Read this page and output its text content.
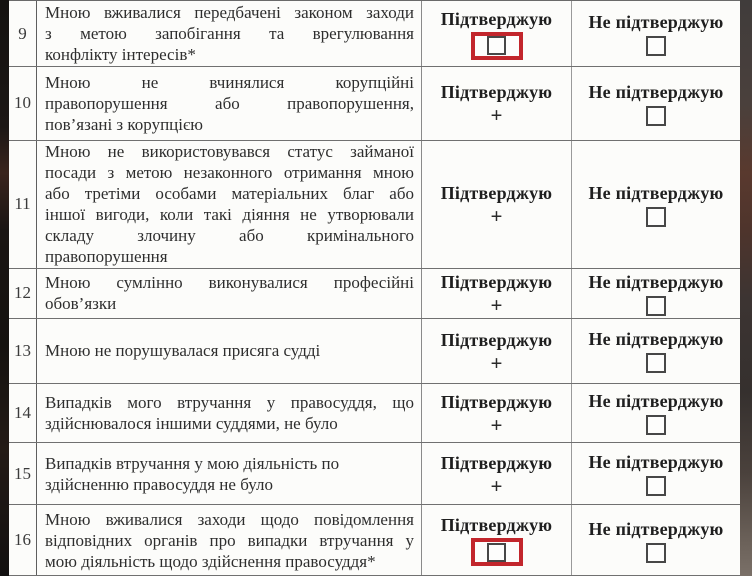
9
Мною вживалися передбачені законом заходи
з метою запобігання та врегулювання
конфлікту інтересів*
Підтверджую Не підтверджую
10
Мною не вчинялися корупційні
правопорушення або правопорушення,
пов’язані з корупцією
Підтверджую
+
Не підтверджую
11
Мною не використовувався статус займаної
посади з метою незаконного отримання мною
або третіми особами матеріальних благ або
іншої вигоди, коли такі діяння не утворювали
складу злочину або кримінального
правопорушення
Підтверджую
+
Не підтверджую
12
Мною сумлінно виконувалися професійні
обов’язки
Підтверджую
+
Не підтверджую
13 Мною не порушувалася присяга судді
Підтверджую
+
Не підтверджую
14
Випадків мого втручання у правосуддя, що
здійснювалося іншими суддями, не було
Підтверджую
+
Не підтверджую
15
Випадків втручання у мою діяльність по
здійсненню правосуддя не було
Підтверджую
+
Не підтверджую
16
Мною вживалися заходи щодо повідомлення
відповідних органів про випадки втручання у
мою діяльність щодо здійснення правосуддя*
Підтверджую Не підтверджую
